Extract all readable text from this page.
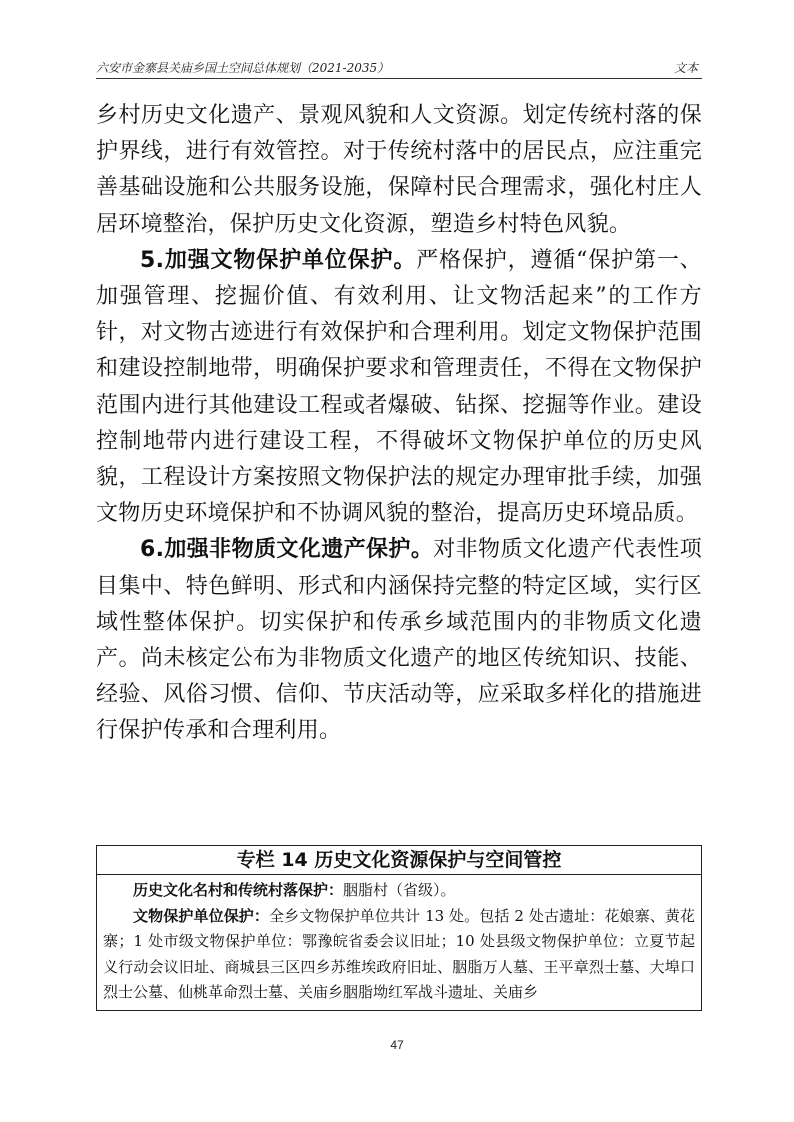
六安市金寨县关庙乡国土空间总体规划（2021-2035）	文本

乡村历史文化遗产、景观风貌和人文资源。划定传统村落的保护界线，进行有效管控。对于传统村落中的居民点，应注重完善基础设施和公共服务设施，保障村民合理需求，强化村庄人居环境整治，保护历史文化资源，塑造乡村特色风貌。

5.加强文物保护单位保护。严格保护，遵循“保护第一、加强管理、挖掘价值、有效利用、让文物活起来”的工作方针，对文物古迹进行有效保护和合理利用。划定文物保护范围和建设控制地带，明确保护要求和管理责任，不得在文物保护范围内进行其他建设工程或者爆破、钻探、挖掘等作业。建设控制地带内进行建设工程，不得破坏文物保护单位的历史风貌，工程设计方案按照文物保护法的规定办理审批手续，加强文物历史环境保护和不协调风貌的整治，提高历史环境品质。

6.加强非物质文化遗产保护。对非物质文化遗产代表性项目集中、特色鲜明、形式和内涵保持完整的特定区域，实行区域性整体保护。切实保护和传承乡域范围内的非物质文化遗产。尚未核定公布为非物质文化遗产的地区传统知识、技能、经验、风俗习惯、信仰、节庆活动等，应采取多样化的措施进行保护传承和合理利用。

专栏 14 历史文化资源保护与空间管控

历史文化名村和传统村落保护：胭脂村（省级）。

文物保护单位保护：全乡文物保护单位共计 13 处。包括 2 处古遗址：花娘寨、黄花寨；1 处市级文物保护单位：鄂豫皖省委会议旧址；10 处县级文物保护单位：立夏节起义行动会议旧址、商城县三区四乡苏维埃政府旧址、胭脂万人墓、王平章烈士墓、大埠口烈士公墓、仙桃革命烈士墓、关庙乡胭脂坳红军战斗遗址、关庙乡

47
